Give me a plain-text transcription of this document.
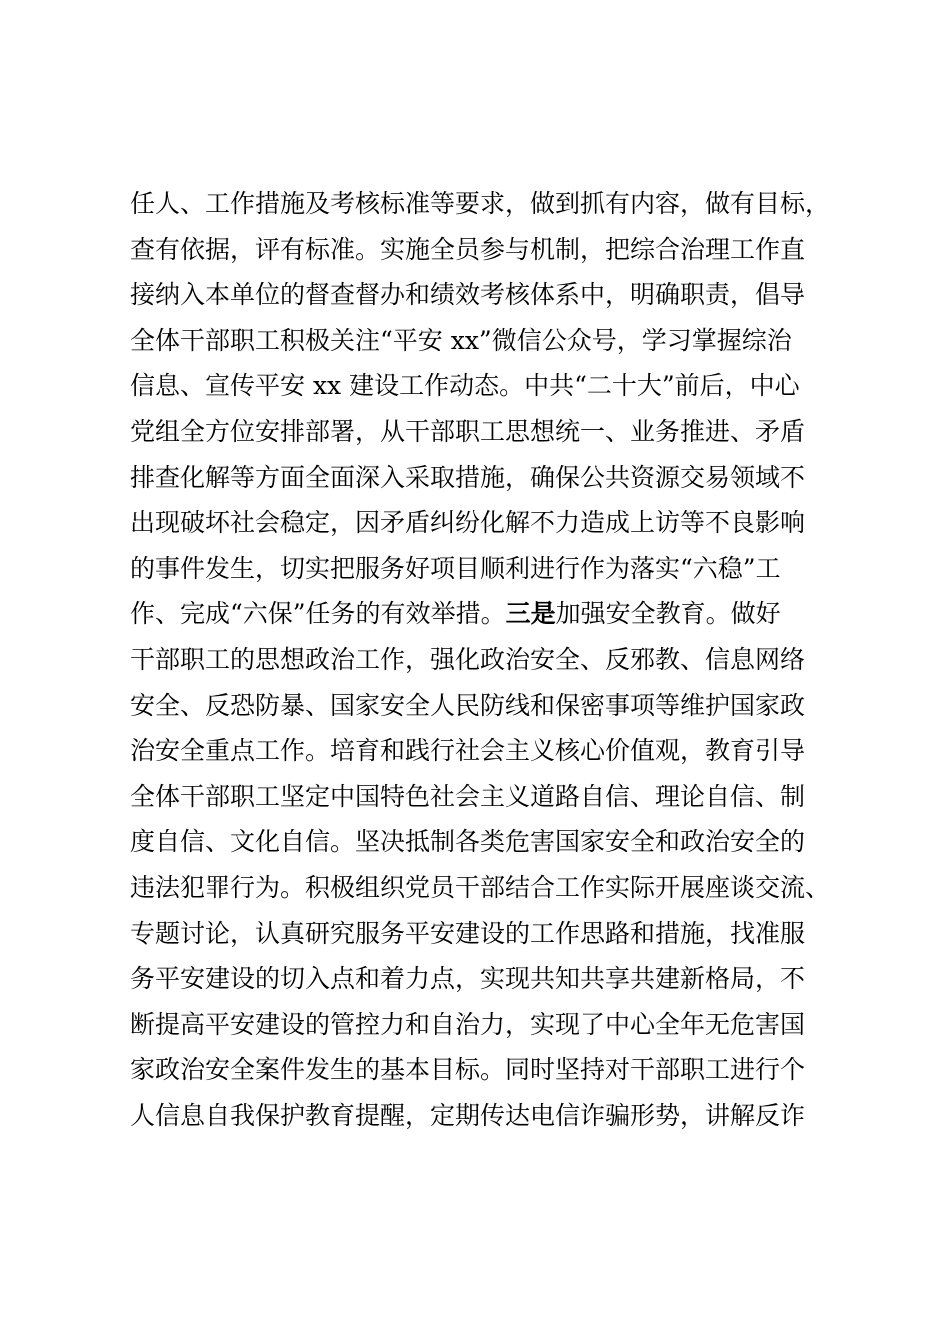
任人、工作措施及考核标准等要求，做到抓有内容，做有目标，
查有依据，评有标准。实施全员参与机制，把综合治理工作直
接纳入本单位的督查督办和绩效考核体系中，明确职责，倡导
全体干部职工积极关注“平安 xx”微信公众号，学习掌握综治
信息、宣传平安 xx 建设工作动态。中共“二十大”前后，中心
党组全方位安排部署，从干部职工思想统一、业务推进、矛盾
排查化解等方面全面深入采取措施，确保公共资源交易领域不
出现破坏社会稳定，因矛盾纠纷化解不力造成上访等不良影响
的事件发生，切实把服务好项目顺利进行作为落实“六稳”工
作、完成“六保”任务的有效举措。三是加强安全教育。做好
干部职工的思想政治工作，强化政治安全、反邪教、信息网络
安全、反恐防暴、国家安全人民防线和保密事项等维护国家政
治安全重点工作。培育和践行社会主义核心价值观，教育引导
全体干部职工坚定中国特色社会主义道路自信、理论自信、制
度自信、文化自信。坚决抵制各类危害国家安全和政治安全的
违法犯罪行为。积极组织党员干部结合工作实际开展座谈交流、
专题讨论，认真研究服务平安建设的工作思路和措施，找准服
务平安建设的切入点和着力点，实现共知共享共建新格局，不
断提高平安建设的管控力和自治力，实现了中心全年无危害国
家政治安全案件发生的基本目标。同时坚持对干部职工进行个
人信息自我保护教育提醒，定期传达电信诈骗形势，讲解反诈
